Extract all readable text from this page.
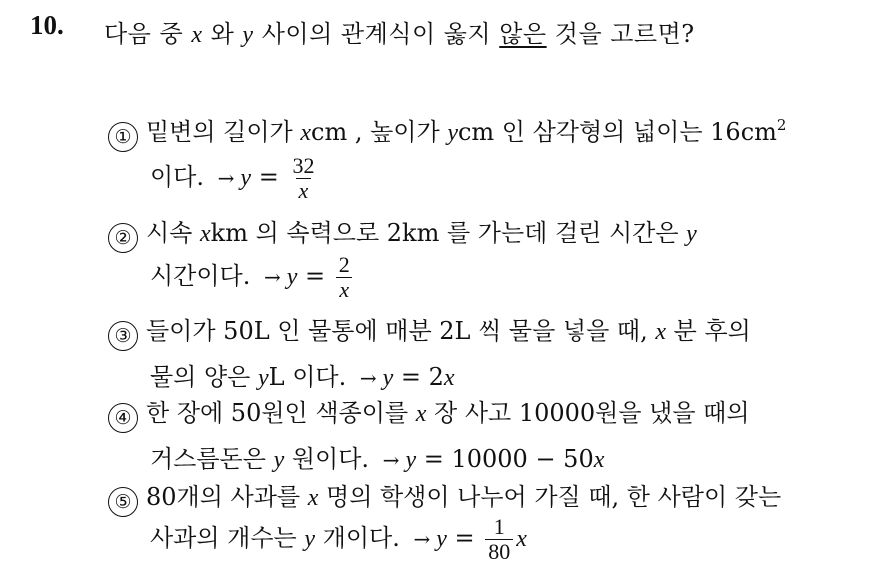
10. 다음 중 x 와 y 사이의 관계식이 옳지 않은 것을 고르면?
① 밑변의 길이가 xcm , 높이가 ycm 인 삼각형의 넓이는 $16cm^2$
이다. → $y = \frac{32}{x}$
② 시속 xkm 의 속력으로 2km 를 가는데 걸린 시간은 y
시간이다. → $y = \frac{2}{x}$
③ 들이가 50L 인 물통에 매분 2L 씩 물을 넣을 때, x 분 후의
물의 양은 yL 이다. → y = 2x
④ 한 장에 50원인 색종이를 x 장 사고 10000원을 냈을 때의
거스름돈은 y 원이다. → y = 10000 − 50x
⑤ 80개의 사과를 x 명의 학생이 나누어 가질 때, 한 사람이 갖는
사과의 개수는 y 개이다. → $y = \frac{1}{80}$ x
